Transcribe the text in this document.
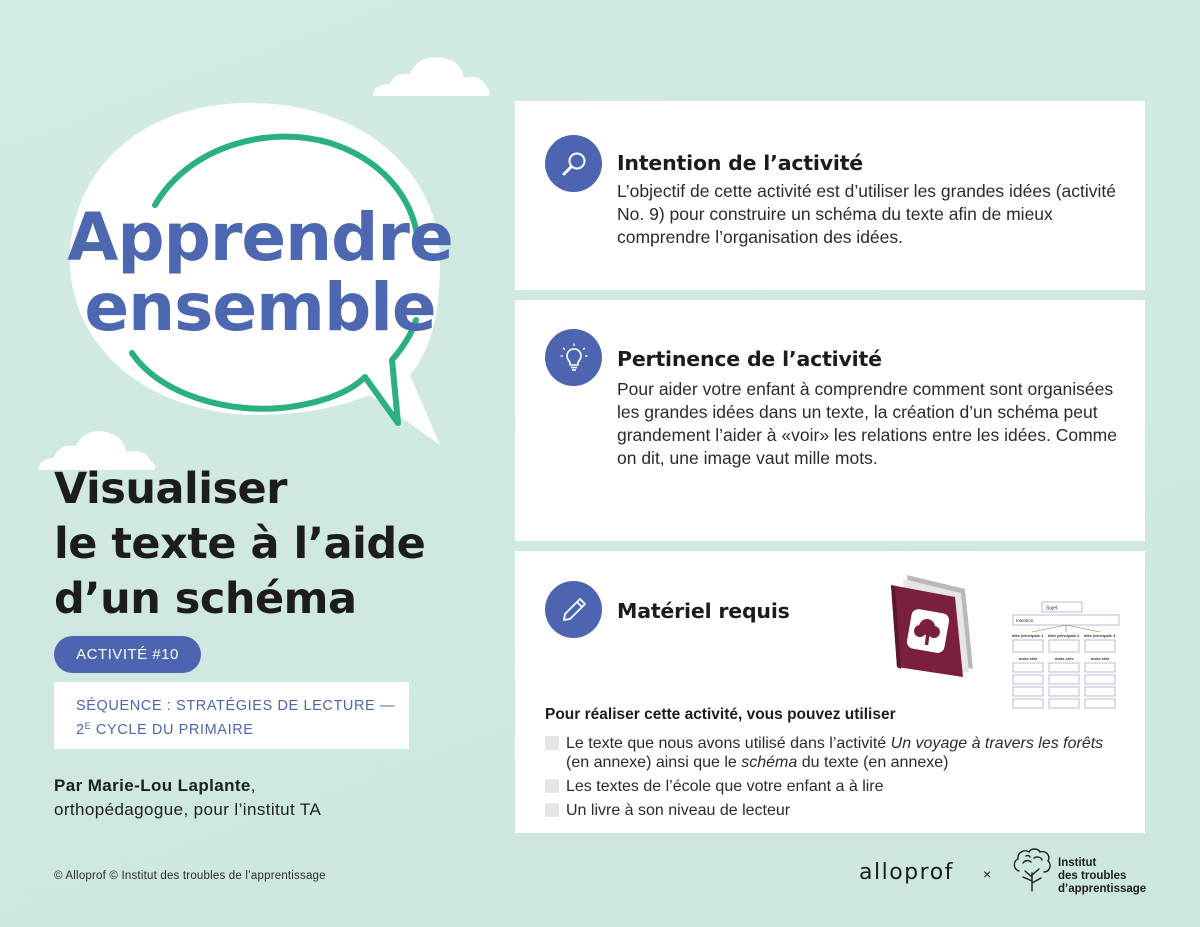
Apprendre
ensemble
Visualiser
le texte à l’aide
d’un schéma
ACTIVITÉ #10
SÉQUENCE : STRATÉGIES DE LECTURE —
$2^E$ CYCLE DU PRIMAIRE
Par Marie-Lou Laplante,
orthopédagogue, pour l’institut TA
© Alloprof © Institut des troubles de l’apprentissage
Intention de l’activité

L’objectif de cette activité est d’utiliser les grandes idées (activité No. 9) pour construire un schéma du texte afin de mieux comprendre l’organisation des idées.

Pertinence de l’activité

Pour aider votre enfant à comprendre comment sont organisées les grandes idées dans un texte, la création d’un schéma peut grandement l’aider à «voir» les relations entre les idées. Comme on dit, une image vaut mille mots.

Matériel requis	Sujet
Intention:
Idée principale 1 Idée principale 2 Idée principale 3
mots clés	mots clés	mots clés
Pour réaliser cette activité, vous pouvez utiliser
Le texte que nous avons utilisé dans l’activité Un voyage à travers les forêts (en annexe) ainsi que le schéma du texte (en annexe)
Les textes de l’école que votre enfant a à lire
Un livre à son niveau de lecteur
alloprof ×
Institut
des troubles
d’apprentissage
